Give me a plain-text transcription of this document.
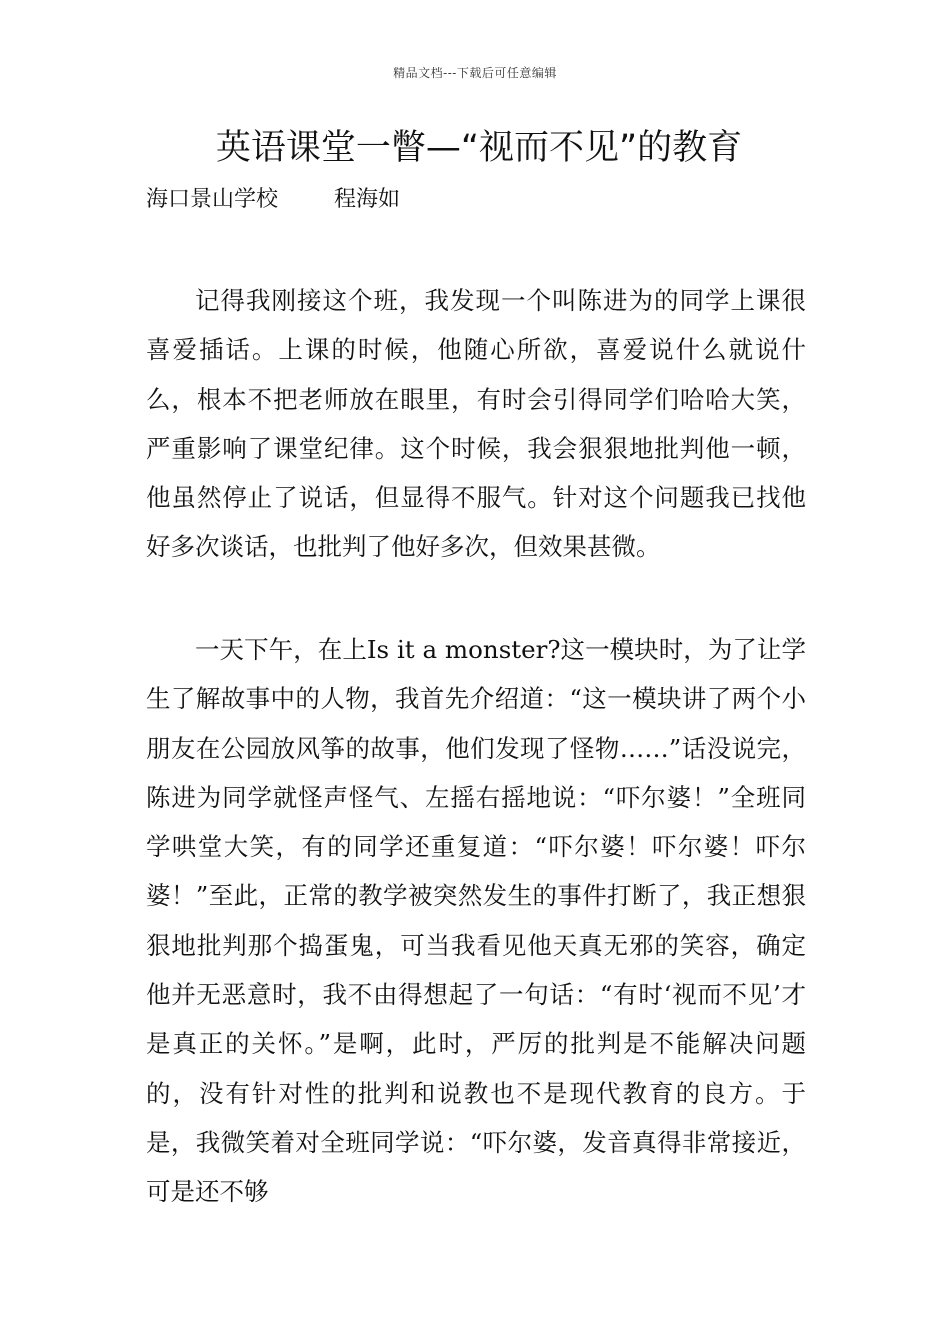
精品文档---下载后可任意编辑
英语课堂一瞥—“视而不见”的教育
海口景山学校        程海如

记得我刚接这个班，我发现一个叫陈进为的同学上课很喜爱插话。上课的时候，他随心所欲，喜爱说什么就说什么，根本不把老师放在眼里，有时会引得同学们哈哈大笑，严重影响了课堂纪律。这个时候，我会狠狠地批判他一顿，他虽然停止了说话，但显得不服气。针对这个问题我已找他好多次谈话，也批判了他好多次，但效果甚微。

一天下午，在上Is it a monster?这一模块时，为了让学生了解故事中的人物，我首先介绍道：“这一模块讲了两个小朋友在公园放风筝的故事，他们发现了怪物……”话没说完，陈进为同学就怪声怪气、左摇右摇地说：“吓尔婆！”全班同学哄堂大笑，有的同学还重复道：“吓尔婆！吓尔婆！吓尔婆！”至此，正常的教学被突然发生的事件打断了，我正想狠狠地批判那个捣蛋鬼，可当我看见他天真无邪的笑容，确定他并无恶意时，我不由得想起了一句话：“有时‘视而不见’才是真正的关怀。”是啊，此时，严厉的批判是不能解决问题的，没有针对性的批判和说教也不是现代教育的良方。于是，我微笑着对全班同学说：“吓尔婆，发音真得非常接近，可是还不够
